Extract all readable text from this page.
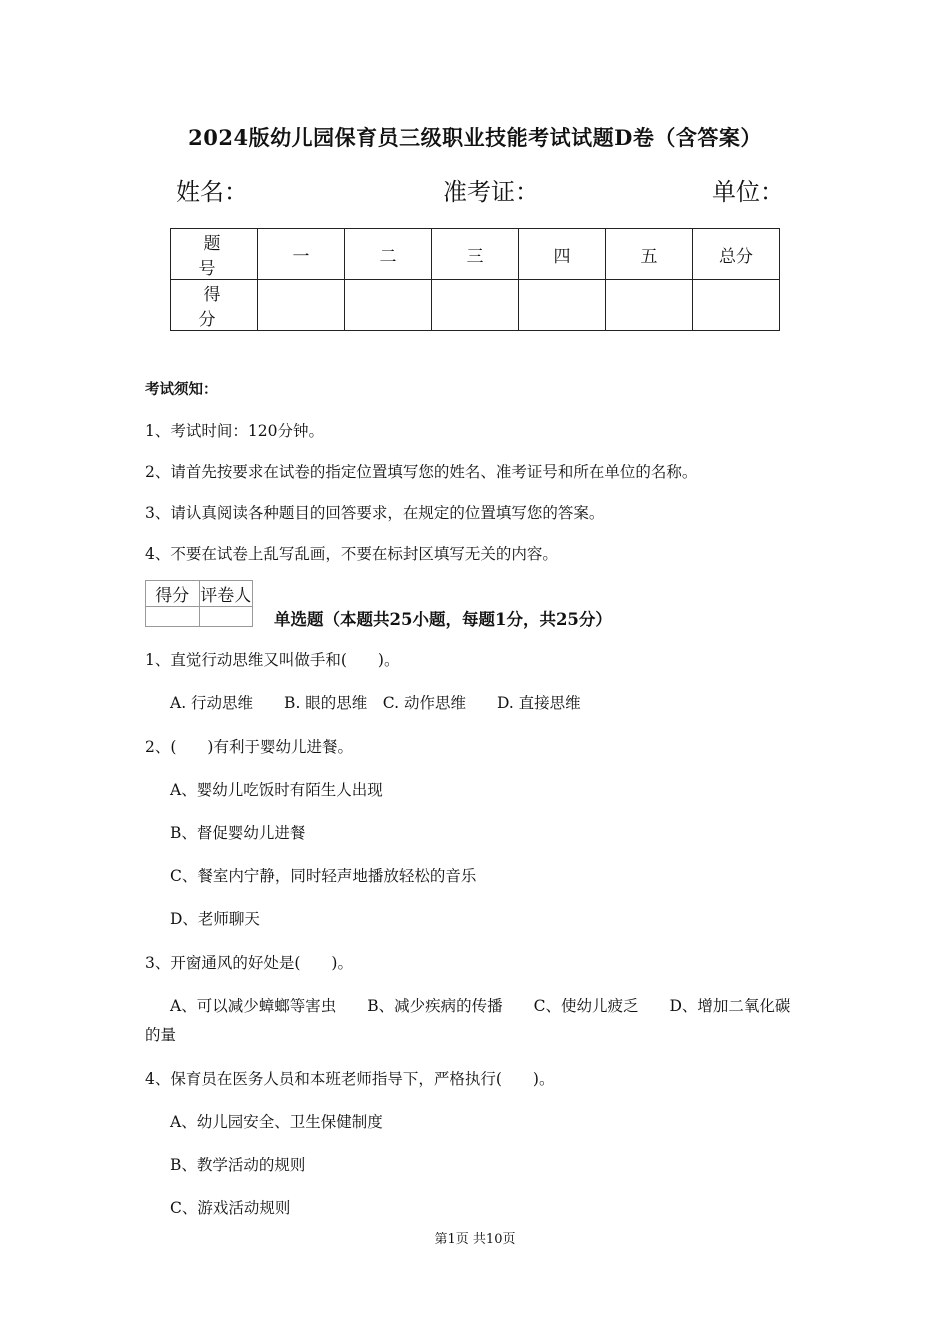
2024版幼儿园保育员三级职业技能考试试题D卷（含答案）
姓名：	准考证：	单位：
题　号	一	二	三	四	五	总分
得　分						
考试须知：
1、考试时间：120分钟。
2、请首先按要求在试卷的指定位置填写您的姓名、准考证号和所在单位的名称。
3、请认真阅读各种题目的回答要求，在规定的位置填写您的答案。
4、不要在试卷上乱写乱画，不要在标封区填写无关的内容。
得分	评卷人

单选题（本题共25小题，每题1分，共25分）
1、直觉行动思维又叫做手和(　　)。
A. 行动思维　　B. 眼的思维　C. 动作思维　　D. 直接思维
2、(　　)有利于婴幼儿进餐。
A、婴幼儿吃饭时有陌生人出现
B、督促婴幼儿进餐
C、餐室内宁静，同时轻声地播放轻松的音乐
D、老师聊天
3、开窗通风的好处是(　　)。
A、可以减少蟑螂等害虫　　B、减少疾病的传播　　C、使幼儿疲乏　　D、增加二氧化碳
的量
4、保育员在医务人员和本班老师指导下，严格执行(　　)。
A、幼儿园安全、卫生保健制度
B、教学活动的规则
C、游戏活动规则
第1页 共10页
